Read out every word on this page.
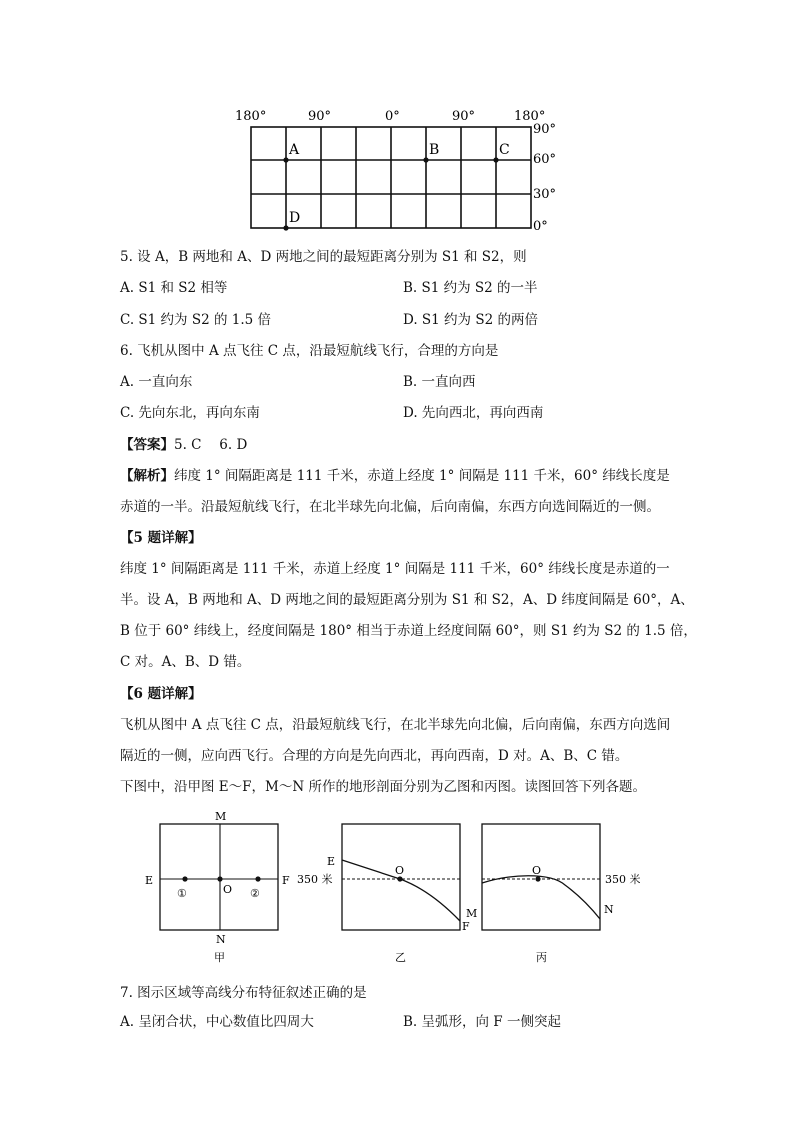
180°	90°	0°	90°	180°
90°
60°
30°
0°
A	B	C
D
5. 设 A，B 两地和 A、D 两地之间的最短距离分别为 S1 和 S2，则
A. S1 和 S2 相等	B. S1 约为 S2 的一半
C. S1 约为 S2 的 1.5 倍	D. S1 约为 S2 的两倍
6. 飞机从图中 A 点飞往 C 点，沿最短航线飞行，合理的方向是
A. 一直向东	B. 一直向西
C. 先向东北，再向东南	D. 先向西北，再向西南
【答案】5. C　 6. D
【解析】纬度 1° 间隔距离是 111 千米，赤道上经度 1° 间隔是 111 千米，60° 纬线长度是
赤道的一半。沿最短航线飞行，在北半球先向北偏，后向南偏，东西方向选间隔近的一侧。
【5 题详解】
纬度 1° 间隔距离是 111 千米，赤道上经度 1° 间隔是 111 千米，60° 纬线长度是赤道的一
半。设 A，B 两地和 A、D 两地之间的最短距离分别为 S1 和 S2，A、D 纬度间隔是 60°，A、
B 位于 60° 纬线上，经度间隔是 180° 相当于赤道上经度间隔 60°，则 S1 约为 S2 的 1.5 倍，
C 对。A、B、D 错。
【6 题详解】
飞机从图中 A 点飞往 C 点，沿最短航线飞行，在北半球先向北偏，后向南偏，东西方向选间
隔近的一侧，应向西飞行。合理的方向是先向西北，再向西南，D 对。A、B、C 错。
下图中，沿甲图 E～F，M～N 所作的地形剖面分别为乙图和丙图。读图回答下列各题。
M
N
E	F
O
①	②
甲
E
350 米
O
M
F
乙
O
350 米
N
丙
7. 图示区域等高线分布特征叙述正确的是
A. 呈闭合状，中心数值比四周大	B. 呈弧形，向 F 一侧突起
